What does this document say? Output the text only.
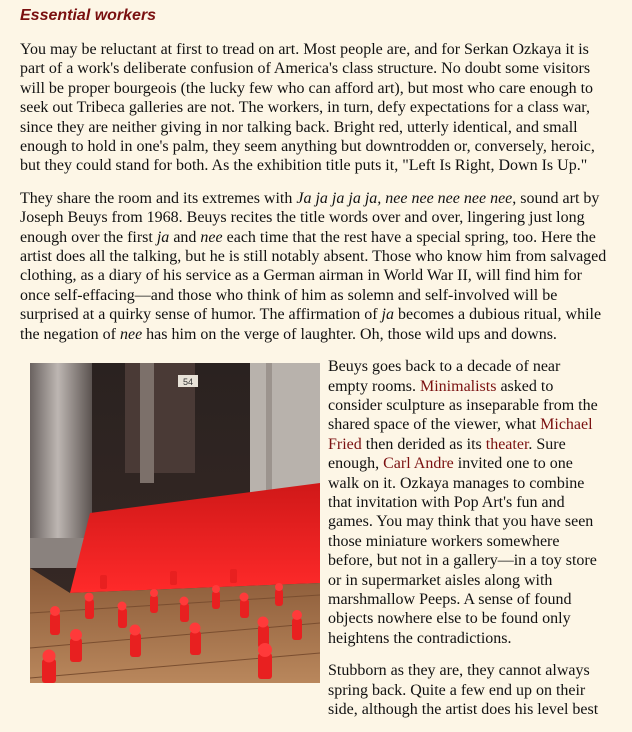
Essential workers

You may be reluctant at first to tread on art. Most people are, and for Serkan Ozkaya it is part of a work's deliberate confusion of America's class structure. No doubt some visitors will be proper bourgeois (the lucky few who can afford art), but most who care enough to seek out Tribeca galleries are not. The workers, in turn, defy expectations for a class war, since they are neither giving in nor talking back. Bright red, utterly identical, and small enough to hold in one's palm, they seem anything but downtrodden or, conversely, heroic, but they could stand for both. As the exhibition title puts it, "Left Is Right, Down Is Up."

They share the room and its extremes with Ja ja ja ja ja, nee nee nee nee nee, sound art by Joseph Beuys from 1968. Beuys recites the title words over and over, lingering just long enough over the first ja and nee each time that the rest have a special spring, too. Here the artist does all the talking, but he is still notably absent. Those who know him from salvaged clothing, as a diary of his service as a German airman in World War II, will find him for once self-effacing—and those who think of him as solemn and self-involved will be surprised at a quirky sense of humor. The affirmation of ja becomes a dubious ritual, while the negation of nee has him on the verge of laughter. Oh, those wild ups and downs.

54

Beuys goes back to a decade of near empty rooms. Minimalists asked to consider sculpture as inseparable from the shared space of the viewer, what Michael Fried then derided as its theater. Sure enough, Carl Andre invited one to one walk on it. Ozkaya manages to combine that invitation with Pop Art's fun and games. You may think that you have seen those miniature workers somewhere before, but not in a gallery—in a toy store or in supermarket aisles along with marshmallow Peeps. A sense of found objects nowhere else to be found only heightens the contradictions.

Stubborn as they are, they cannot always spring back. Quite a few end up on their side, although the artist does his level best
